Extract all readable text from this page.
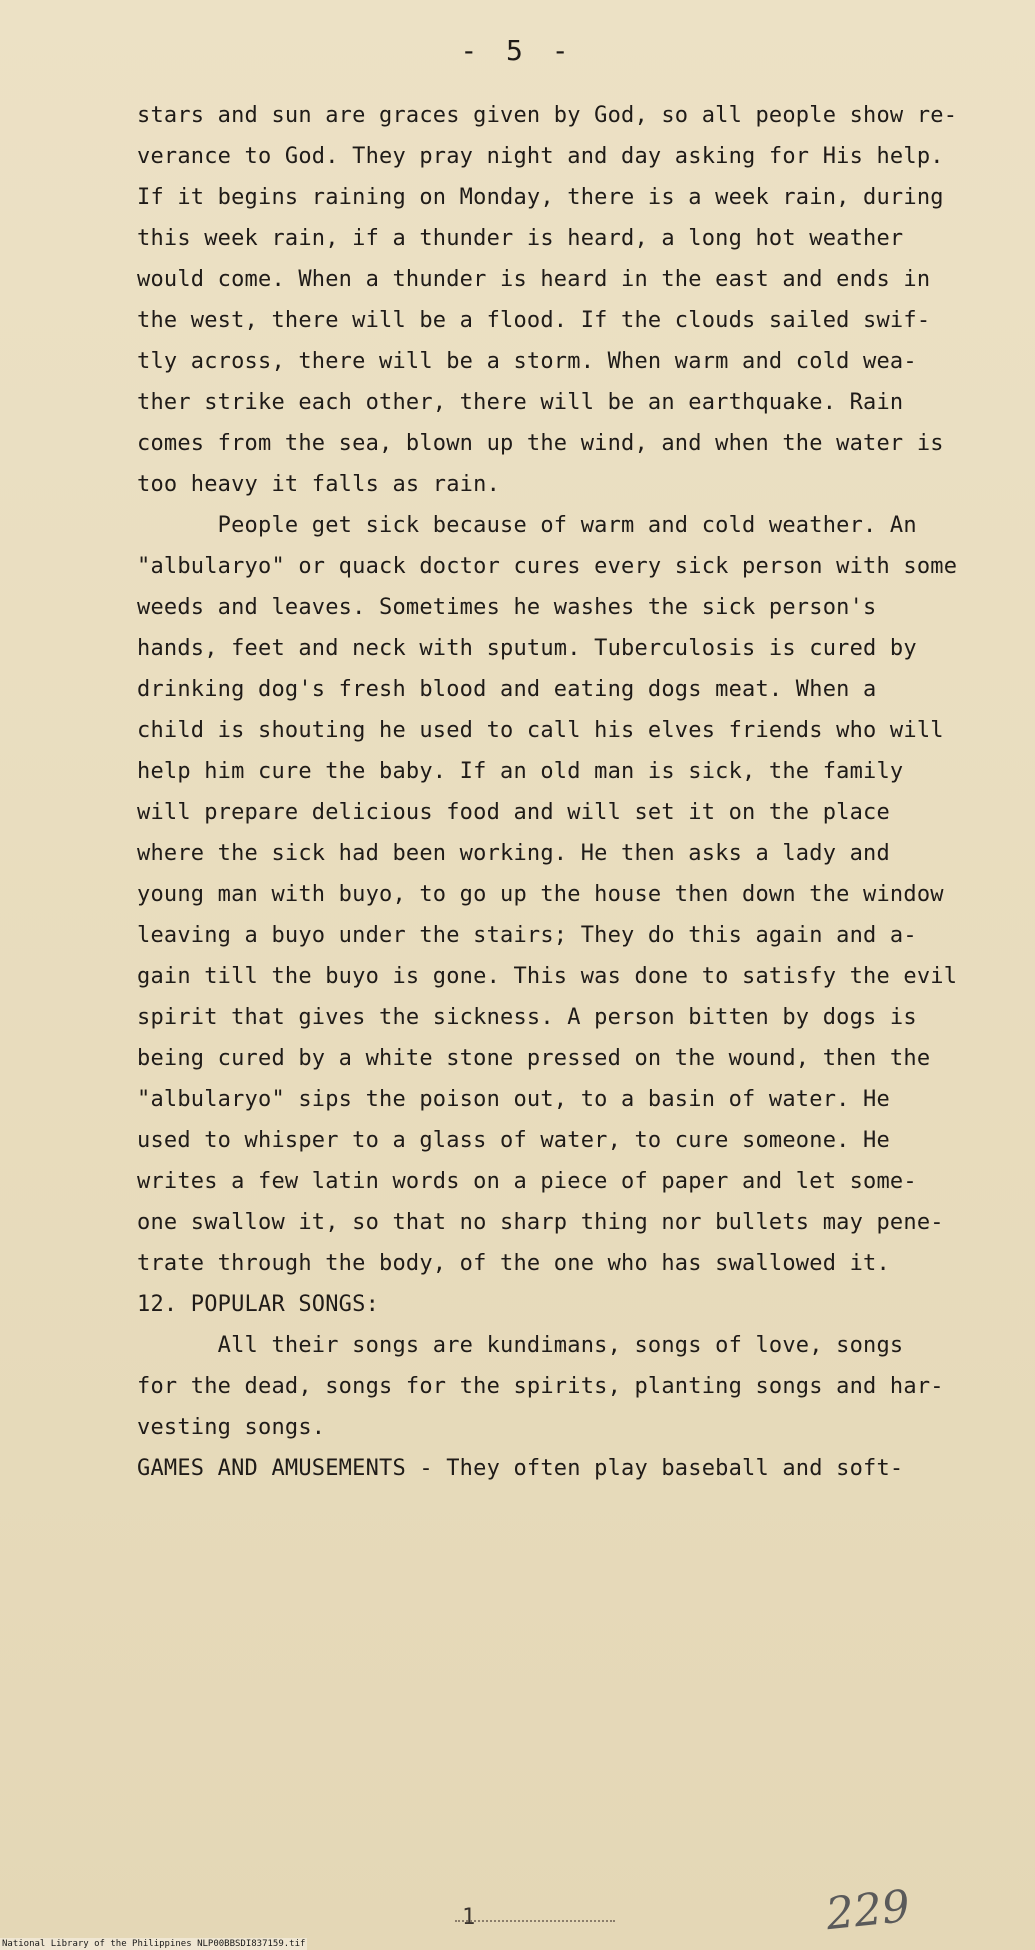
- 5 -
stars and sun are graces given by God, so all people show re-
verance to God. They pray night and day asking for His help.
If it begins raining on Monday, there is a week rain, during
this week rain, if a thunder is heard, a long hot weather
would come. When a thunder is heard in the east and ends in
the west, there will be a flood. If the clouds sailed swif-
tly across, there will be a storm. When warm and cold wea-
ther strike each other, there will be an earthquake. Rain
comes from the sea, blown up the wind, and when the water is
too heavy it falls as rain.
People get sick because of warm and cold weather. An
"albularyo" or quack doctor cures every sick person with some
weeds and leaves. Sometimes he washes the sick person's
hands, feet and neck with sputum. Tuberculosis is cured by
drinking dog's fresh blood and eating dogs meat. When a
child is shouting he used to call his elves friends who will
help him cure the baby. If an old man is sick, the family
will prepare delicious food and will set it on the place
where the sick had been working. He then asks a lady and
young man with buyo, to go up the house then down the window
leaving a buyo under the stairs; They do this again and a-
gain till the buyo is gone. This was done to satisfy the evil
spirit that gives the sickness. A person bitten by dogs is
being cured by a white stone pressed on the wound, then the
"albularyo" sips the poison out, to a basin of water. He
used to whisper to a glass of water, to cure someone. He
writes a few latin words on a piece of paper and let some-
one swallow it, so that no sharp thing nor bullets may pene-
trate through the body, of the one who has swallowed it.
12. POPULAR SONGS:
All their songs are kundimans, songs of love, songs
for the dead, songs for the spirits, planting songs and har-
vesting songs.
GAMES AND AMUSEMENTS - They often play baseball and soft-
1	229
National Library of the Philippines NLP00BBSDI837159.tif
